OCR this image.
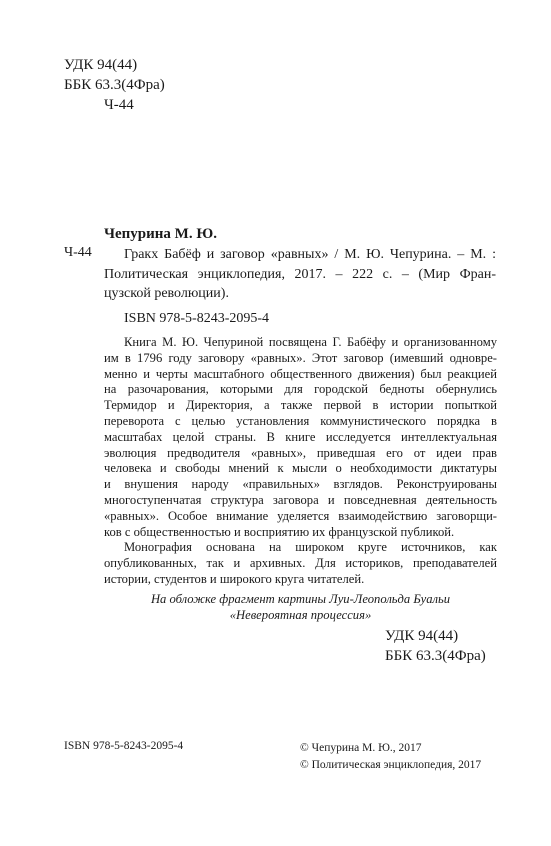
УДК 94(44)
ББК 63.3(4Фра)
Ч-44
Чепурина М. Ю.
Ч-44	Гракх Бабёф и заговор «равных» / М. Ю. Чепурина. – М. :
Политическая энциклопедия, 2017. – 222 с. – (Мир Фран-
цузской революции).
ISBN 978-5-8243-2095-4
Книга М. Ю. Чепуриной посвящена Г. Бабёфу и организованному
им в 1796 году заговору «равных». Этот заговор (имевший одновре-
менно и черты масштабного общественного движения) был реакцией
на разочарования, которыми для городской бедноты обернулись
Термидор и Директория, а также первой в истории попыткой
переворота с целью установления коммунистического порядка в
масштабах целой страны. В книге исследуется интеллектуальная
эволюция предводителя «равных», приведшая его от идеи прав
человека и свободы мнений к мысли о необходимости диктатуры
и внушения народу «правильных» взглядов. Реконструированы
многоступенчатая структура заговора и повседневная деятельность
«равных». Особое внимание уделяется взаимодействию заговорщи-
ков с общественностью и восприятию их французской публикой.
Монография основана на широком круге источников, как
опубликованных, так и архивных. Для историков, преподавателей
истории, студентов и широкого круга читателей.
На обложке фрагмент картины Луи-Леопольда Буальи
«Невероятная процессия»
УДК 94(44)
ББК 63.3(4Фра)
ISBN 978-5-8243-2095-4	© Чепурина М. Ю., 2017
© Политическая энциклопедия, 2017
